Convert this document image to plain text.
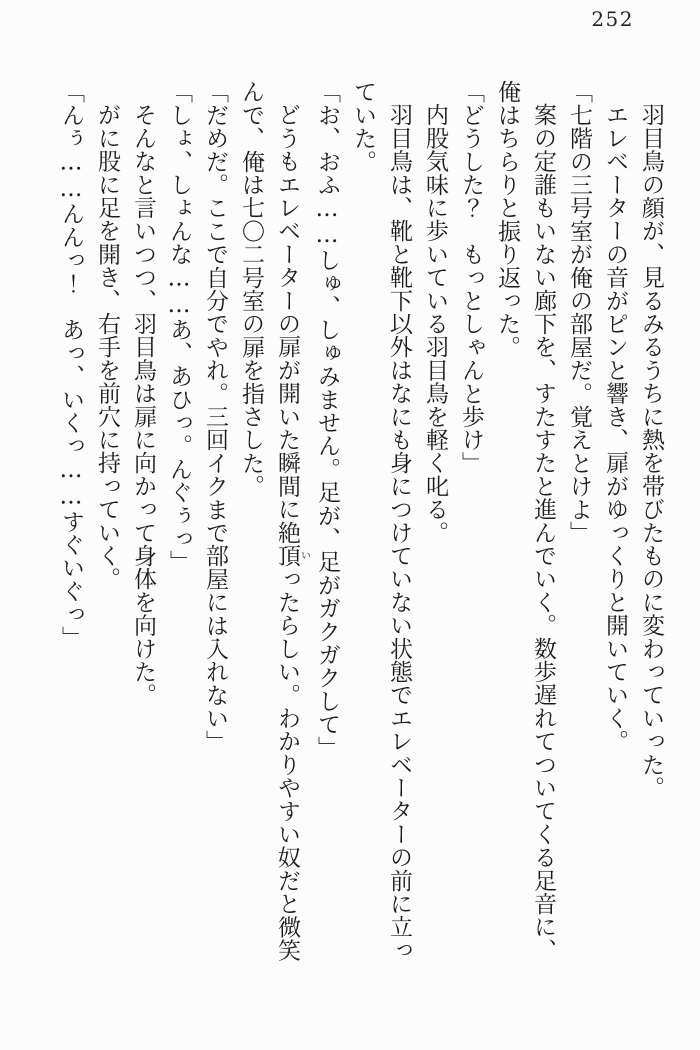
252

羽目鳥の顔が、見るみるうちに熱を帯びたものに変わっていった。

エレベーターの音がピンと響き、扉がゆっくりと開いていく。

「七階の三号室が俺の部屋だ。覚えとけよ」

案の定誰もいない廊下を、すたすたと進んでいく。数歩遅れてついてくる足音に、

俺はちらりと振り返った。

「どうした？　もっとしゃんと歩け」

内股気味に歩いている羽目鳥を軽く叱る。

羽目鳥は、靴と靴下以外はなにも身につけていない状態でエレベーターの前に立っ

ていた。

「お、おふ……しゅ、しゅみません。足が、足がガクガクして」

どうもエレベーターの扉が開いた瞬間に絶頂いったらしい。わかりやすい奴だと微笑

んで、俺は七〇二号室の扉を指さした。

「だめだ。ここで自分でやれ。三回イクまで部屋には入れない」

「しょ、しょんな……あ、あひっ。んぐぅっ」

そんなと言いつつ、羽目鳥は扉に向かって身体を向けた。

がに股に足を開き、右手を前穴に持っていく。

「んぅ……んんっ！　あっ、いくっ……すぐいぐっ」
